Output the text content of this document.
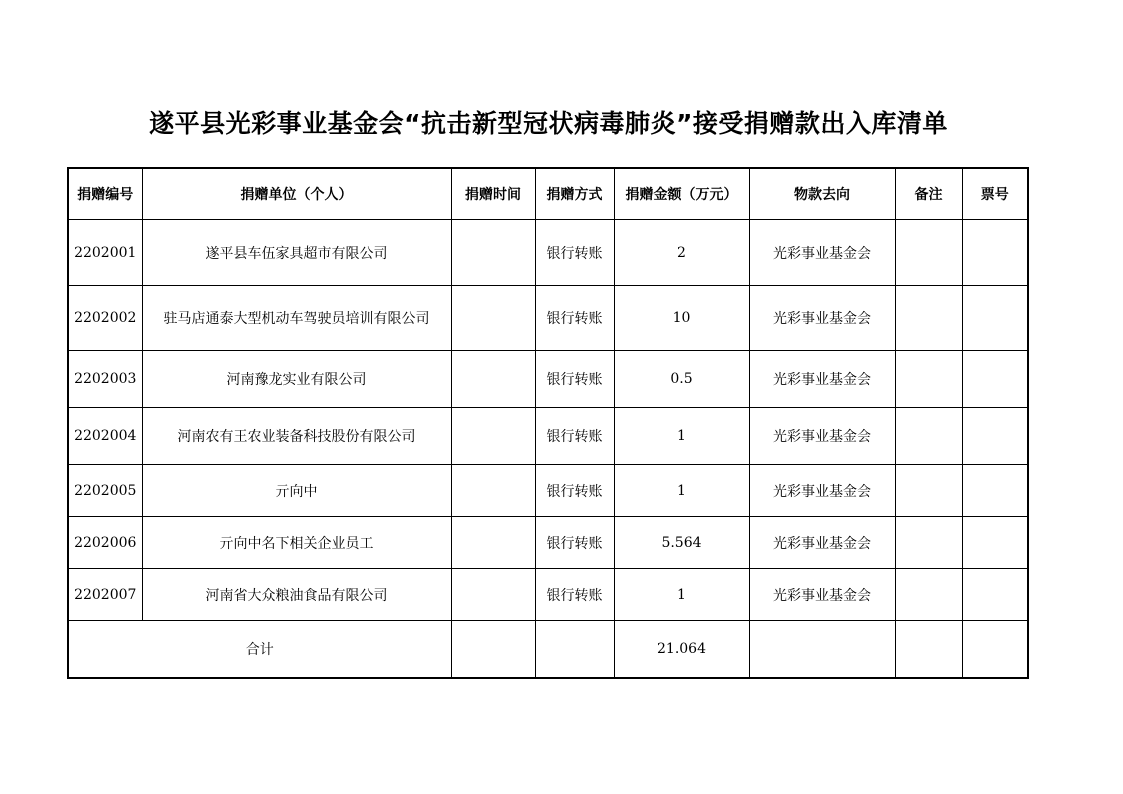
遂平县光彩事业基金会“抗击新型冠状病毒肺炎”接受捐赠款出入库清单
捐赠编号	捐赠单位（个人）	捐赠时间	捐赠方式	捐赠金额（万元）	物款去向	备注	票号
2202001	遂平县车伍家具超市有限公司		银行转账	2	光彩事业基金会		
2202002	驻马店通泰大型机动车驾驶员培训有限公司		银行转账	10	光彩事业基金会		
2202003	河南豫龙实业有限公司		银行转账	0.5	光彩事业基金会		
2202004	河南农有王农业装备科技股份有限公司		银行转账	1	光彩事业基金会		
2202005	亓向中		银行转账	1	光彩事业基金会		
2202006	亓向中名下相关企业员工		银行转账	5.564	光彩事业基金会		
2202007	河南省大众粮油食品有限公司		银行转账	1	光彩事业基金会		
合计				21.064			
